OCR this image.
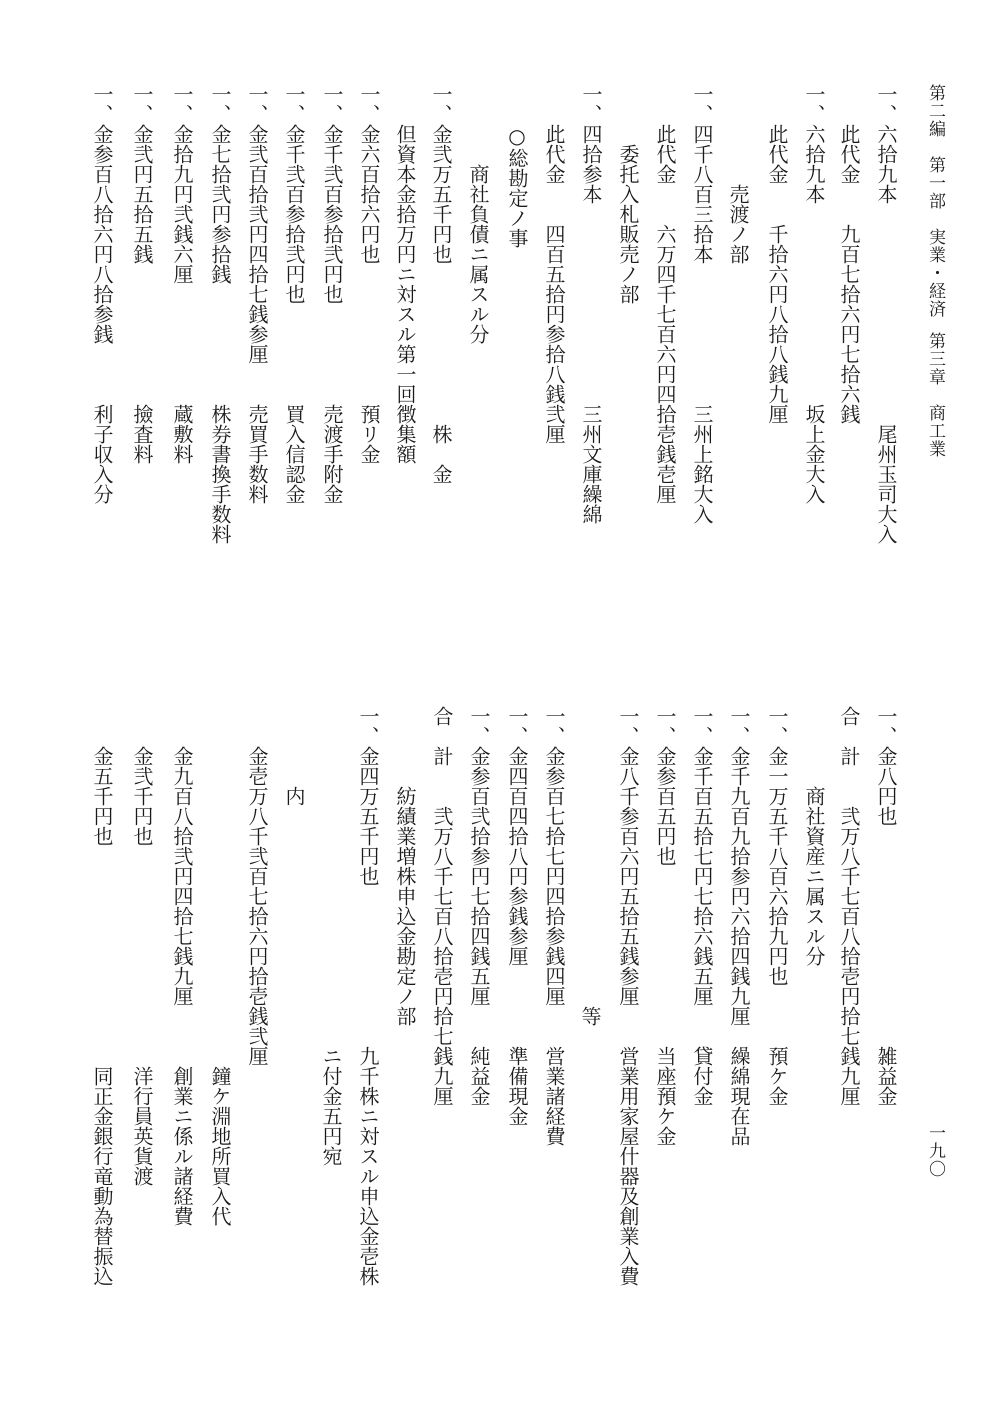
第二編　第一部　実業・経済第三章　商工業
一九〇
一、六拾九本　　　　　　　　　　　尾州玉司大入
　　此代金　　九百七拾六円七拾六銭
一、六拾九本　　　　　　　　　　坂上金大入
　　此代金　　千拾六円八拾八銭九厘
　　　　　売渡ノ部
一、四千八百三拾本　　　　　　　三州上銘大入
　　此代金　　六万四千七百六円四拾壱銭壱厘
　　　委托入札販売ノ部
一、四拾参本　　　　　　　　　　三州文庫繰綿
　　此代金　　四百五拾円参拾八銭弐厘
　　○総勘定ノ事
　　　　商社負債ニ属スル分
一、金弐万五千円也　　　　　　　　株　金
　　但資本金拾万円ニ対スル第一回徴集額
一、金六百拾六円也　　　　　　　預リ金
一、金千弐百参拾弐円也　　　　　売渡手附金
一、金千弐百参拾弐円也　　　　　買入信認金
一、金弐百拾弐円四拾七銭参厘　　売買手数料
一、金七拾弐円参拾銭　　　　　　株券書換手数料
一、金拾九円弐銭六厘　　　　　　蔵敷料
一、金弐円五拾五銭　　　　　　　撿査料
一、金参百八拾六円八拾参銭　　　利子収入分
一、金八円也　　　　　　　　　　　雑益金
合　計　　弐万八千七百八拾壱円拾七銭九厘
　　　　商社資産ニ属スル分
一、金一万五千八百六拾九円也　　　預ケ金
一、金千九百九拾参円六拾四銭九厘　繰綿現在品
一、金千百五拾七円七拾六銭五厘　　貸付金
一、金参百五円也　　　　　　　　　当座預ケ金
一、金八千参百六円五拾五銭参厘　　営業用家屋什器及創業入費
　　　　　　　　　　　　　　　等
一、金参百七拾七円四拾参銭四厘　　営業諸経費
一、金四百四拾八円参銭参厘　　　　準備現金
一、金参百弐拾参円七拾四銭五厘　　純益金
合　計　　弐万八千七百八拾壱円拾七銭九厘
　　　　紡績業増株申込金勘定ノ部
一、金四万五千円也　　　　　　　　九千株ニ対スル申込金壱株
　　　　　　　　　　　　　　　　　ニ付金五円宛
　　　　内
　　金壱万八千弐百七拾六円拾壱銭弐厘
　　　　　　　　　　　　　　　　　　鐘ケ淵地所買入代
　　金九百八拾弐円四拾七銭九厘　　　創業ニ係ル諸経費
　　金弐千円也　　　　　　　　　　　洋行員英貨渡
　　金五千円也　　　　　　　　　　　同正金銀行竜動為替振込
